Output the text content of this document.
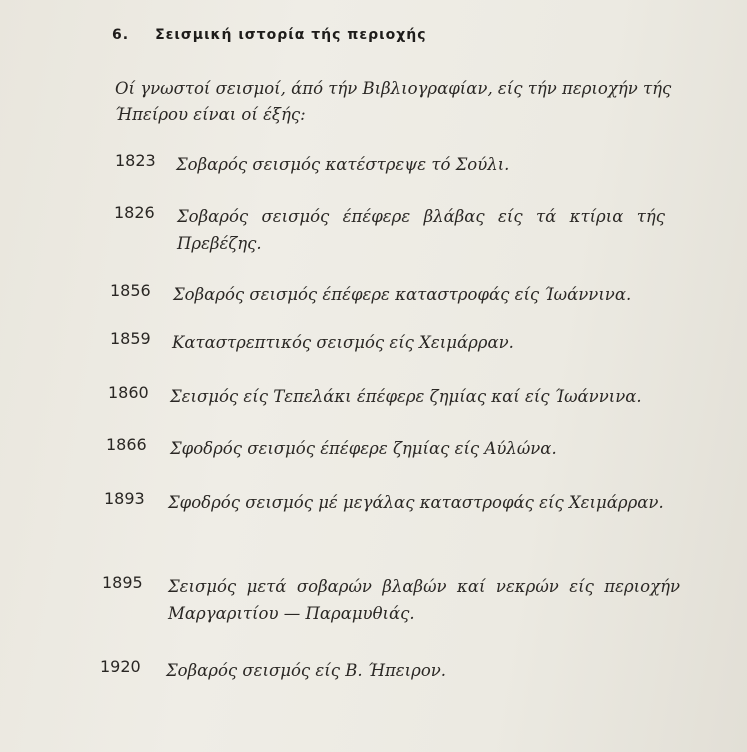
6. Σεισμική ιστορία τής περιοχής
Οί γνωστοί σεισμοί, άπό τήν Βιβλιογραφίαν, είς τήν περιοχήν τής Ήπείρου είναι οί έξής:
1823 Σοβαρός σεισμός κατέστρεψε τό Σούλι.
1826 Σοβαρός σεισμός έπέφερε βλάβας είς τά κτίρια τής Πρεβέζης.
1856 Σοβαρός σεισμός έπέφερε καταστροφάς είς Ίωάννινα.
1859 Καταστρεπτικός σεισμός είς Χειμάρραν.
1860 Σεισμός είς Τεπελάκι έπέφερε ζημίας καί είς Ίωάννινα.
1866 Σφοδρός σεισμός έπέφερε ζημίας είς Αύλώνα.
1893 Σφοδρός σεισμός μέ μεγάλας καταστροφάς είς Χειμάρραν.
1895 Σεισμός μετά σοβαρών βλαβών καί νεκρών είς περιοχήν Μαργαριτίου — Παραμυθιάς.
1920 Σοβαρός σεισμός είς Β. Ήπειρον.
